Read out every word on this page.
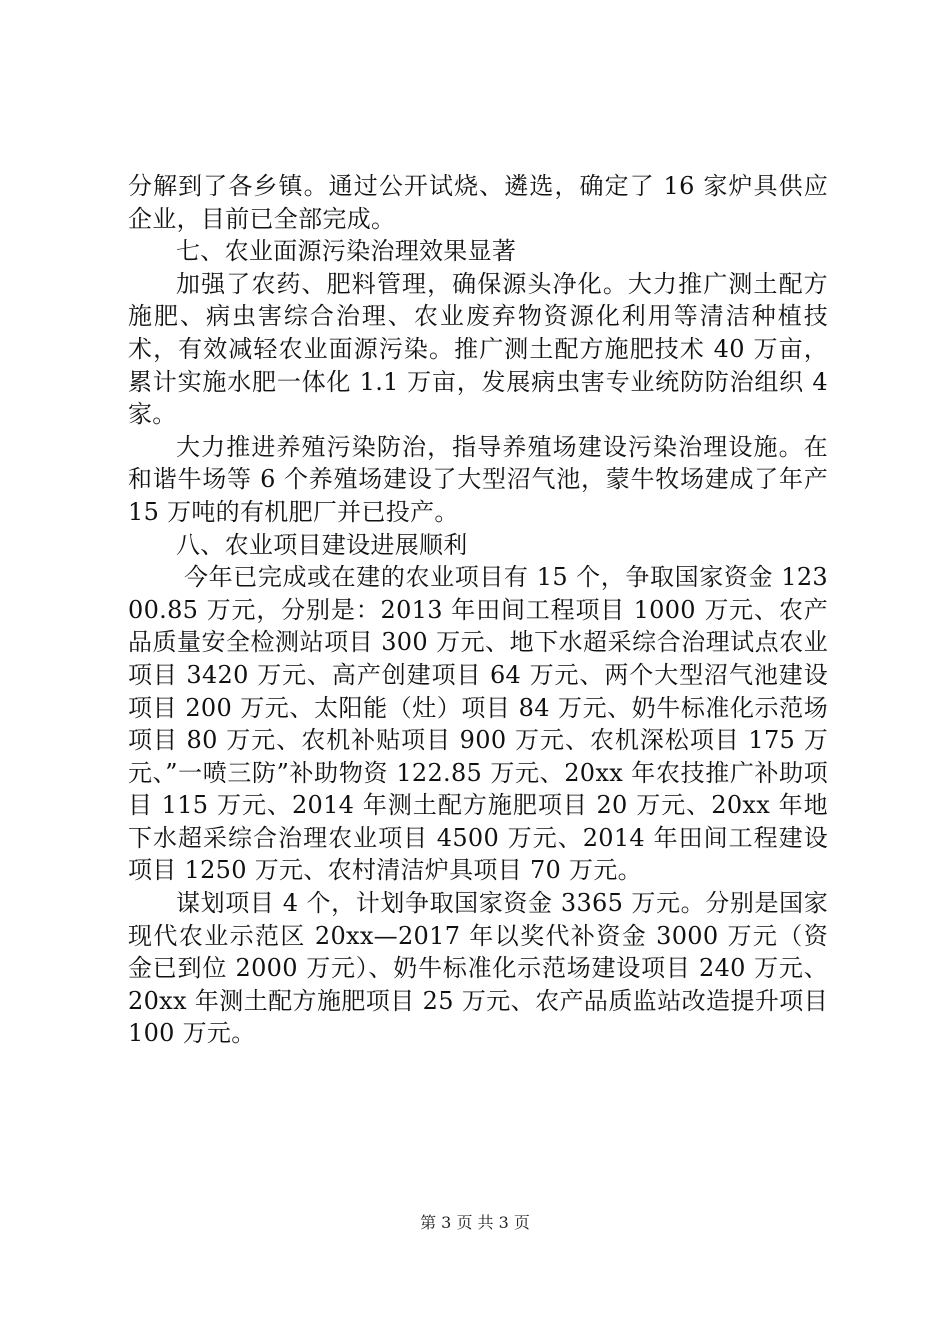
分解到了各乡镇。通过公开试烧、遴选，确定了 16 家炉具供应企业，目前已全部完成。

七、农业面源污染治理效果显著

加强了农药、肥料管理，确保源头净化。大力推广测土配方施肥、病虫害综合治理、农业废弃物资源化利用等清洁种植技术，有效减轻农业面源污染。推广测土配方施肥技术 40 万亩，累计实施水肥一体化 1.1 万亩，发展病虫害专业统防防治组织 4 家。

大力推进养殖污染防治，指导养殖场建设污染治理设施。在和谐牛场等 6 个养殖场建设了大型沼气池，蒙牛牧场建成了年产 15 万吨的有机肥厂并已投产。

八、农业项目建设进展顺利

今年已完成或在建的农业项目有 15 个，争取国家资金 12300.85 万元，分别是：2013 年田间工程项目 1000 万元、农产品质量安全检测站项目 300 万元、地下水超采综合治理试点农业项目 3420 万元、高产创建项目 64 万元、两个大型沼气池建设项目 200 万元、太阳能（灶）项目 84 万元、奶牛标准化示范场项目 80 万元、农机补贴项目 900 万元、农机深松项目 175 万元、”一喷三防”补助物资 122.85 万元、20xx 年农技推广补助项目 115 万元、2014 年测土配方施肥项目 20 万元、20xx 年地下水超采综合治理农业项目 4500 万元、2014 年田间工程建设项目 1250 万元、农村清洁炉具项目 70 万元。

谋划项目 4 个，计划争取国家资金 3365 万元。分别是国家现代农业示范区 20xx—2017 年以奖代补资金 3000 万元（资金已到位 2000 万元）、奶牛标准化示范场建设项目 240 万元、20xx 年测土配方施肥项目 25 万元、农产品质监站改造提升项目 100 万元。

第 3 页 共 3 页
